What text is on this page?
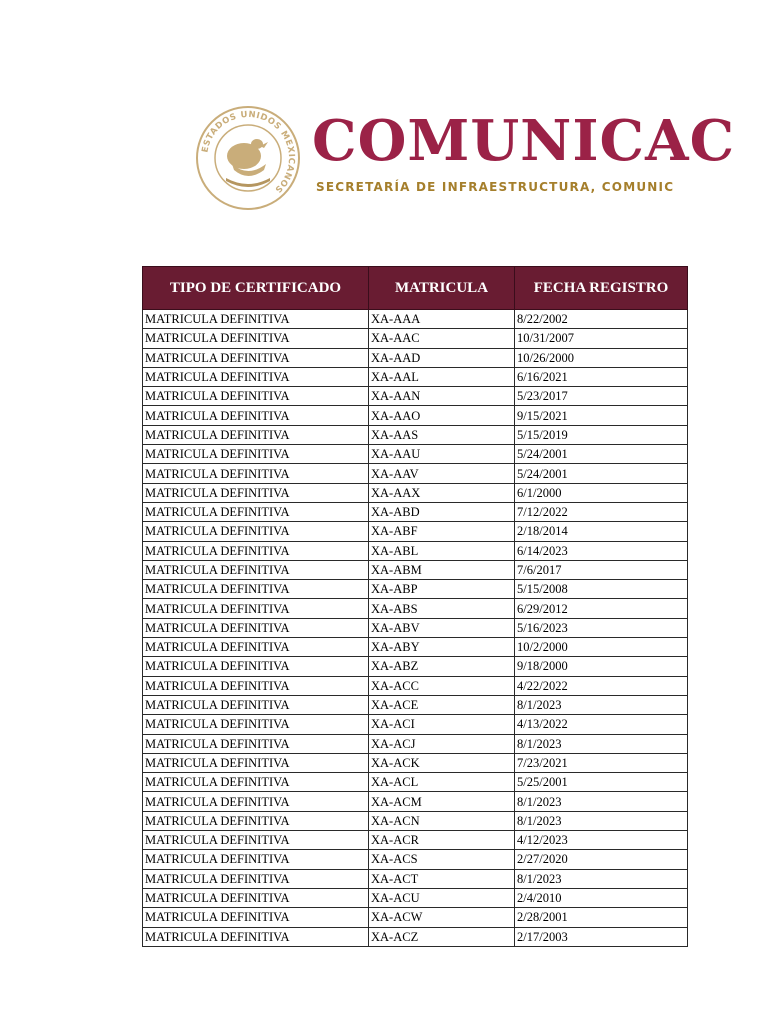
ESTADOS UNIDOS MEXICANOS
COMUNICAC
SECRETARÍA DE INFRAESTRUCTURA, COMUNIC
TIPO DE CERTIFICADO	MATRICULA	FECHA REGISTRO
MATRICULA DEFINITIVA	XA-AAA	8/22/2002
MATRICULA DEFINITIVA	XA-AAC	10/31/2007
MATRICULA DEFINITIVA	XA-AAD	10/26/2000
MATRICULA DEFINITIVA	XA-AAL	6/16/2021
MATRICULA DEFINITIVA	XA-AAN	5/23/2017
MATRICULA DEFINITIVA	XA-AAO	9/15/2021
MATRICULA DEFINITIVA	XA-AAS	5/15/2019
MATRICULA DEFINITIVA	XA-AAU	5/24/2001
MATRICULA DEFINITIVA	XA-AAV	5/24/2001
MATRICULA DEFINITIVA	XA-AAX	6/1/2000
MATRICULA DEFINITIVA	XA-ABD	7/12/2022
MATRICULA DEFINITIVA	XA-ABF	2/18/2014
MATRICULA DEFINITIVA	XA-ABL	6/14/2023
MATRICULA DEFINITIVA	XA-ABM	7/6/2017
MATRICULA DEFINITIVA	XA-ABP	5/15/2008
MATRICULA DEFINITIVA	XA-ABS	6/29/2012
MATRICULA DEFINITIVA	XA-ABV	5/16/2023
MATRICULA DEFINITIVA	XA-ABY	10/2/2000
MATRICULA DEFINITIVA	XA-ABZ	9/18/2000
MATRICULA DEFINITIVA	XA-ACC	4/22/2022
MATRICULA DEFINITIVA	XA-ACE	8/1/2023
MATRICULA DEFINITIVA	XA-ACI	4/13/2022
MATRICULA DEFINITIVA	XA-ACJ	8/1/2023
MATRICULA DEFINITIVA	XA-ACK	7/23/2021
MATRICULA DEFINITIVA	XA-ACL	5/25/2001
MATRICULA DEFINITIVA	XA-ACM	8/1/2023
MATRICULA DEFINITIVA	XA-ACN	8/1/2023
MATRICULA DEFINITIVA	XA-ACR	4/12/2023
MATRICULA DEFINITIVA	XA-ACS	2/27/2020
MATRICULA DEFINITIVA	XA-ACT	8/1/2023
MATRICULA DEFINITIVA	XA-ACU	2/4/2010
MATRICULA DEFINITIVA	XA-ACW	2/28/2001
MATRICULA DEFINITIVA	XA-ACZ	2/17/2003
